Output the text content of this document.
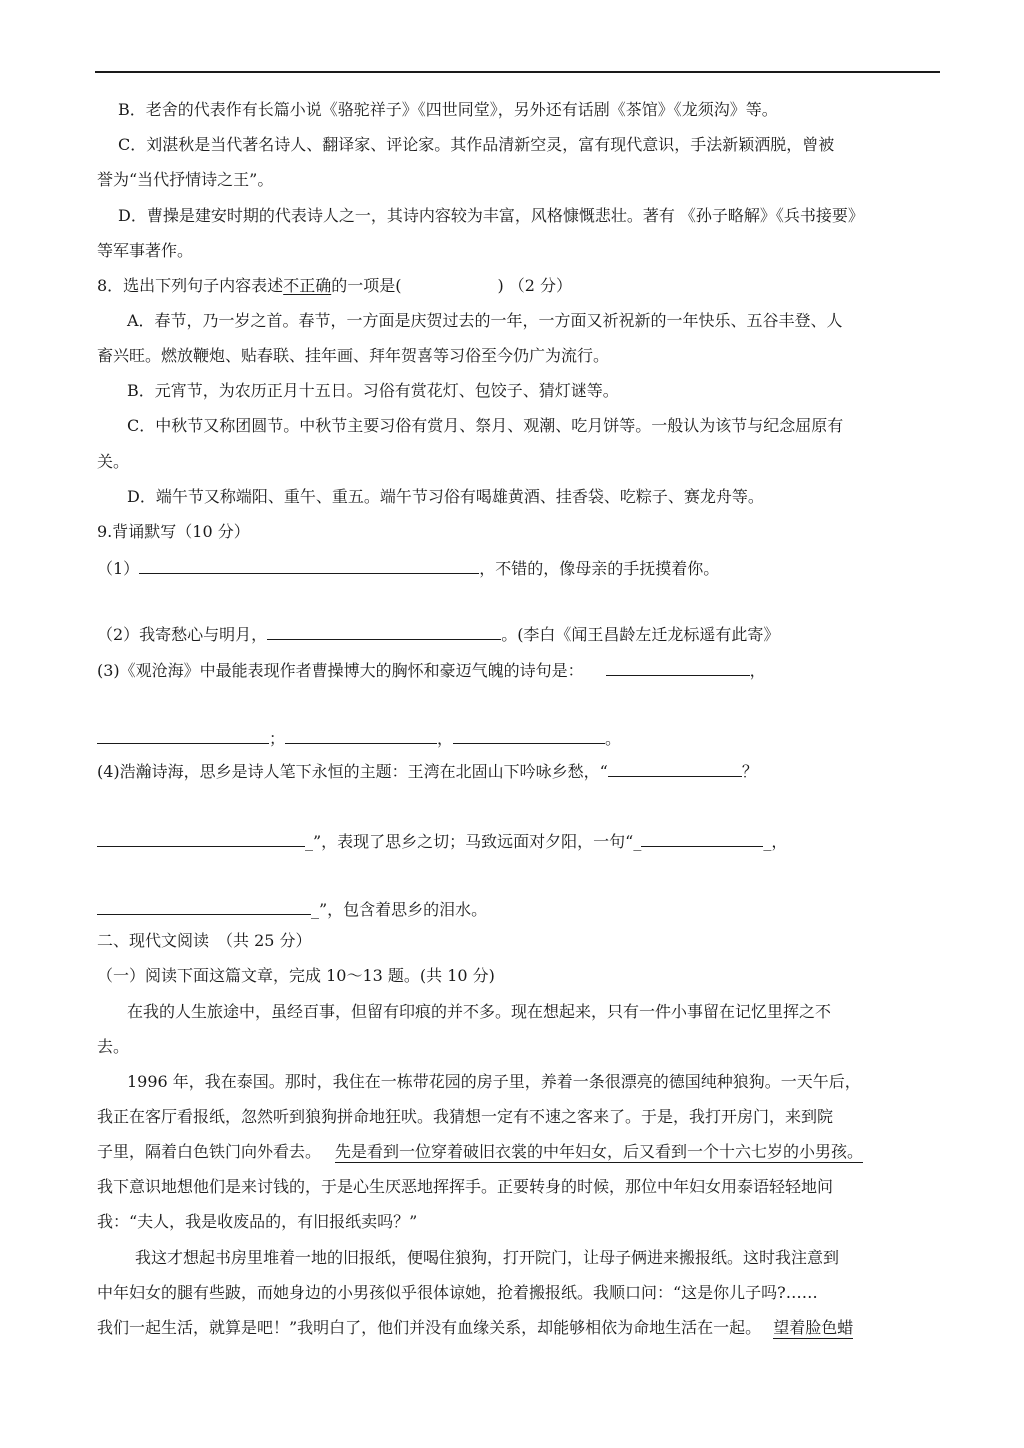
B．老舍的代表作有长篇小说《骆驼祥子》《四世同堂》，另外还有话剧《茶馆》《龙须沟》等。
C．刘湛秋是当代著名诗人、翻译家、评论家。其作品清新空灵，富有现代意识，手法新颖洒脱，曾被
誉为“当代抒情诗之王”。
D．曹操是建安时期的代表诗人之一，其诗内容较为丰富，风格慷慨悲壮。著有 《孙子略解》《兵书接要》
等军事著作。
8．选出下列句子内容表述不正确的一项是(	) （2 分）
A．春节，乃一岁之首。春节，一方面是庆贺过去的一年，一方面又祈祝新的一年快乐、五谷丰登、人
畜兴旺。燃放鞭炮、贴春联、挂年画、拜年贺喜等习俗至今仍广为流行。
B．元宵节，为农历正月十五日。习俗有赏花灯、包饺子、猜灯谜等。
C．中秋节又称团圆节。中秋节主要习俗有赏月、祭月、观潮、吃月饼等。一般认为该节与纪念屈原有
关。
D．端午节又称端阳、重午、重五。端午节习俗有喝雄黄酒、挂香袋、吃粽子、赛龙舟等。
9.背诵默写（10 分）
（1）	，不错的，像母亲的手抚摸着你。
（2）我寄愁心与明月，	。(李白《闻王昌龄左迁龙标遥有此寄》
(3)《观沧海》中最能表现作者曹操博大的胸怀和豪迈气魄的诗句是：	，
；	，	。
(4)浩瀚诗海，思乡是诗人笔下永恒的主题：王湾在北固山下吟咏乡愁，“	？
_”，表现了思乡之切；马致远面对夕阳，一句“_	_，
_”，包含着思乡的泪水。
二、现代文阅读　（共 25 分）
（一）阅读下面这篇文章，完成 10～13 题。(共 10 分)
在我的人生旅途中，虽经百事，但留有印痕的并不多。现在想起来，只有一件小事留在记忆里挥之不
去。
1996 年，我在泰国。那时，我住在一栋带花园的房子里，养着一条很漂亮的德国纯种狼狗。一天午后，
我正在客厅看报纸，忽然听到狼狗拼命地狂吠。我猜想一定有不速之客来了。于是，我打开房门，来到院
子里，隔着白色铁门向外看去。 先是看到一位穿着破旧衣裳的中年妇女，后又看到一个十六七岁的小男孩。
我下意识地想他们是来讨钱的，于是心生厌恶地挥挥手。正要转身的时候，那位中年妇女用泰语轻轻地问
我：“夫人，我是收废品的，有旧报纸卖吗？”
我这才想起书房里堆着一地的旧报纸，便喝住狼狗，打开院门，让母子俩进来搬报纸。这时我注意到
中年妇女的腿有些跛，而她身边的小男孩似乎很体谅她，抢着搬报纸。我顺口问：“这是你儿子吗?……
我们一起生活，就算是吧！”我明白了，他们并没有血缘关系，却能够相依为命地生活在一起。 望着脸色蜡
